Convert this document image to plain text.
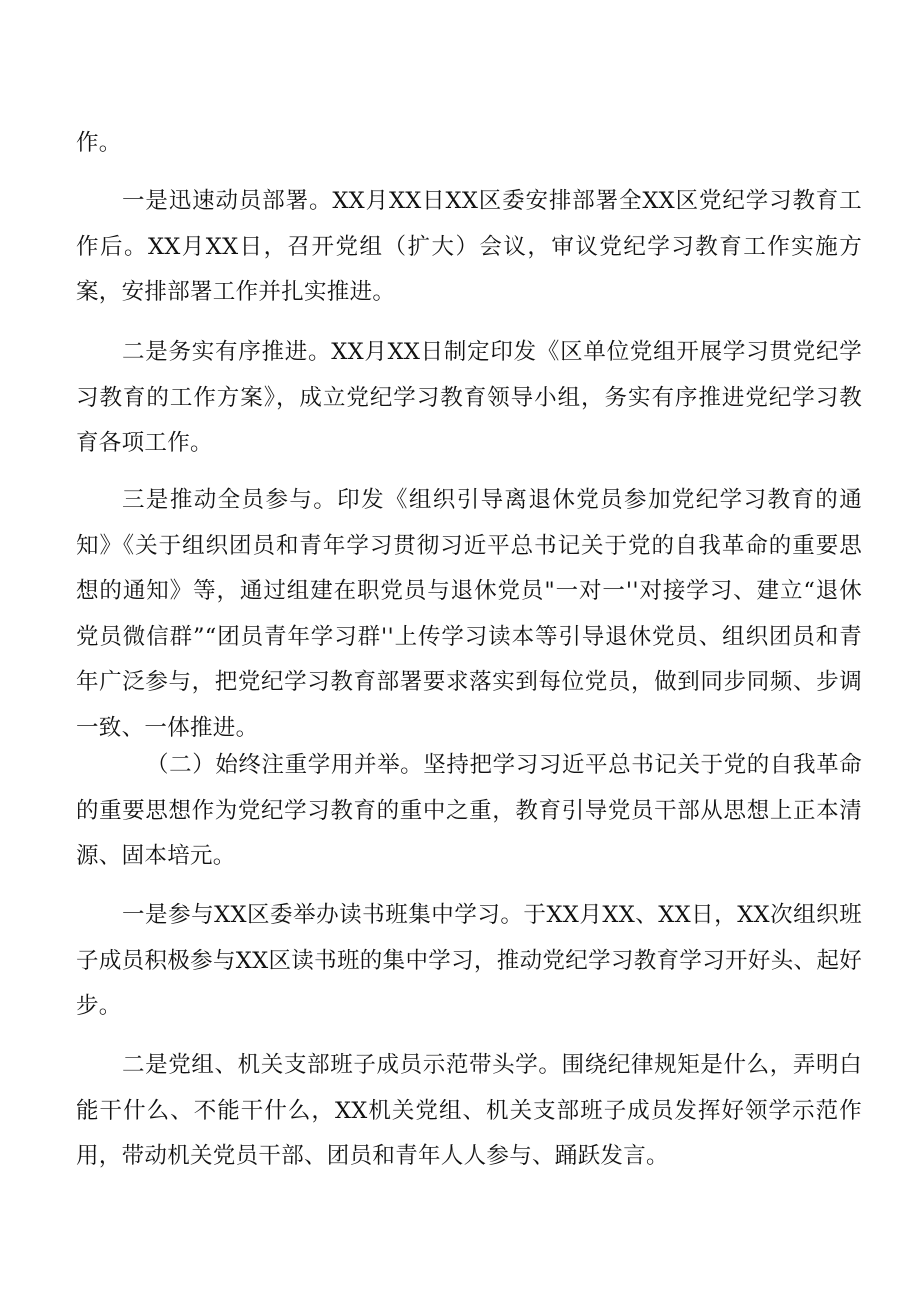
作。

一是迅速动员部署。XX月XX日XX区委安排部署全XX区党纪学习教育工作后。XX月XX日，召开党组（扩大）会议，审议党纪学习教育工作实施方案，安排部署工作并扎实推进。

二是务实有序推进。XX月XX日制定印发《区单位党组开展学习贯党纪学习教育的工作方案》，成立党纪学习教育领导小组，务实有序推进党纪学习教育各项工作。

三是推动全员参与。印发《组织引导离退休党员参加党纪学习教育的通知》《关于组织团员和青年学习贯彻习近平总书记关于党的自我革命的重要思想的通知》等，通过组建在职党员与退休党员"一对一''对接学习、建立“退休党员微信群”“团员青年学习群''上传学习读本等引导退休党员、组织团员和青年广泛参与，把党纪学习教育部署要求落实到每位党员，做到同步同频、步调一致、一体推进。

（二）始终注重学用并举。坚持把学习习近平总书记关于党的自我革命的重要思想作为党纪学习教育的重中之重，教育引导党员干部从思想上正本清源、固本培元。

一是参与XX区委举办读书班集中学习。于XX月XX、XX日，XX次组织班子成员积极参与XX区读书班的集中学习，推动党纪学习教育学习开好头、起好步。

二是党组、机关支部班子成员示范带头学。围绕纪律规矩是什么，弄明白能干什么、不能干什么，XX机关党组、机关支部班子成员发挥好领学示范作用，带动机关党员干部、团员和青年人人参与、踊跃发言。
